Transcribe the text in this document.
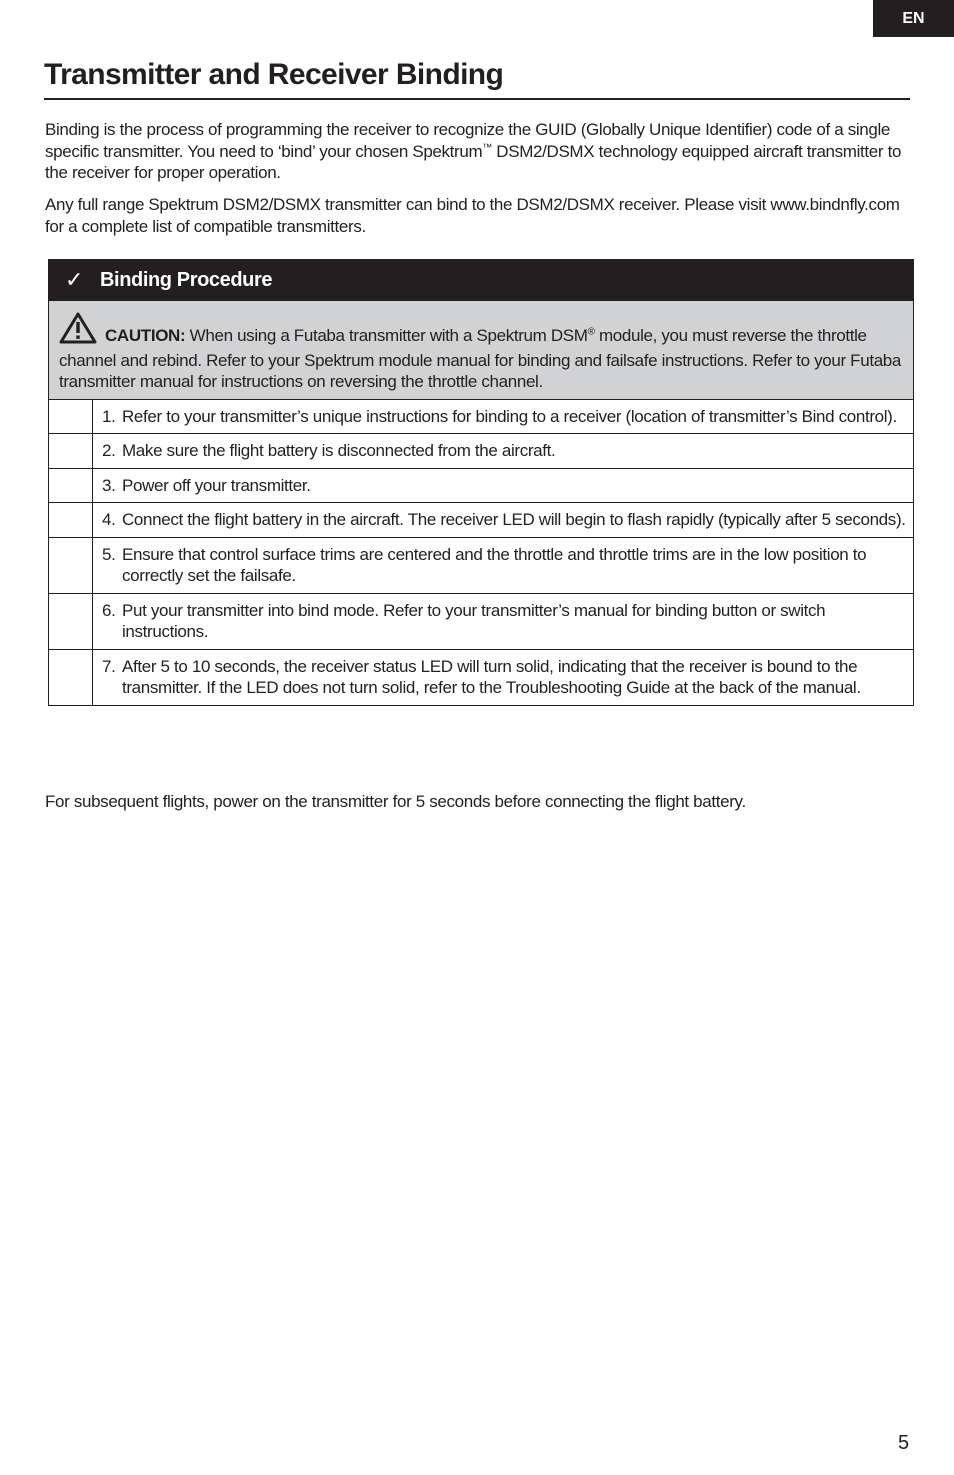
EN
Transmitter and Receiver Binding

Binding is the process of programming the receiver to recognize the GUID (Globally Unique Identifier) code of a single specific transmitter. You need to ‘bind’ your chosen Spektrum™ DSM2/DSMX technology equipped aircraft transmitter to the receiver for proper operation.

Any full range Spektrum DSM2/DSMX transmitter can bind to the DSM2/DSMX receiver. Please visit www.bindnfly.com for a complete list of compatible transmitters.

✓ Binding Procedure
CAUTION: When using a Futaba transmitter with a Spektrum DSM® module, you must reverse the throttle channel and rebind. Refer to your Spektrum module manual for binding and failsafe instructions. Refer to your Futaba transmitter manual for instructions on reversing the throttle channel.
1. Refer to your transmitter’s unique instructions for binding to a receiver (location of transmitter’s Bind control).
2. Make sure the flight battery is disconnected from the aircraft.
3. Power off your transmitter.
4. Connect the flight battery in the aircraft. The receiver LED will begin to flash rapidly (typically after 5 seconds).
5. Ensure that control surface trims are centered and the throttle and throttle trims are in the low position to correctly set the failsafe.
6. Put your transmitter into bind mode. Refer to your transmitter’s manual for binding button or switch instructions.
7. After 5 to 10 seconds, the receiver status LED will turn solid, indicating that the receiver is bound to the transmitter. If the LED does not turn solid, refer to the Troubleshooting Guide at the back of the manual.

For subsequent flights, power on the transmitter for 5 seconds before connecting the flight battery.

5
